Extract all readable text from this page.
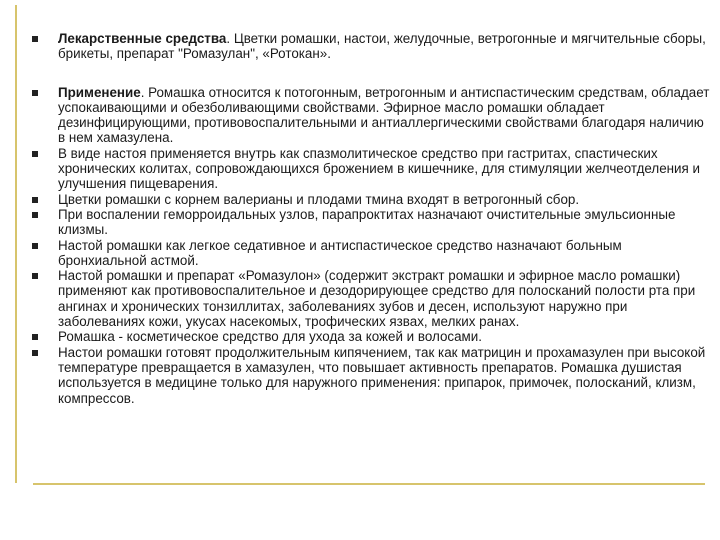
Лекарственные средства. Цветки ромашки, настои, желудочные, ветрогонные и мягчительные сборы, брикеты, препарат "Ромазулан", «Ротокан».
Применение. Ромашка относится к потогонным, ветрогонным и антиспастическим средствам, обладает успокаивающими и обезболивающими свойствами. Эфирное масло ромашки обладает дезинфицирующими, противовоспалительными и антиаллергическими свойствами благодаря наличию в нем хамазулена.
В виде настоя применяется внутрь как спазмолитическое средство при гастритах, спастических хронических колитах, сопровождающихся брожением в кишечнике, для стимуляции желчеотделения и улучшения пищеварения.
Цветки ромашки с корнем валерианы и плодами тмина входят в ветрогонный сбор.
При воспалении геморроидальных узлов, парапроктитах назначают очистительные эмульсионные клизмы.
Настой ромашки как легкое седативное и антиспастическое средство назначают больным бронхиальной астмой.
Настой ромашки и препарат «Ромазулон» (содержит экстракт ромашки и эфирное масло ромашки) применяют как противовоспалительное и дезодорирующее средство для полосканий полости рта при ангинах и хронических тонзиллитах, заболеваниях зубов и десен, используют наружно при заболеваниях кожи, укусах насекомых, трофических язвах, мелких ранах.
Ромашка - косметическое средство для ухода за кожей и волосами.
Настои ромашки готовят продолжительным кипячением, так как матрицин и прохамазулен при высокой температуре превращается в хамазулен, что повышает активность препаратов. Ромашка душистая используется в медицине только для наружного применения: припарок, примочек, полосканий, клизм, компрессов.
